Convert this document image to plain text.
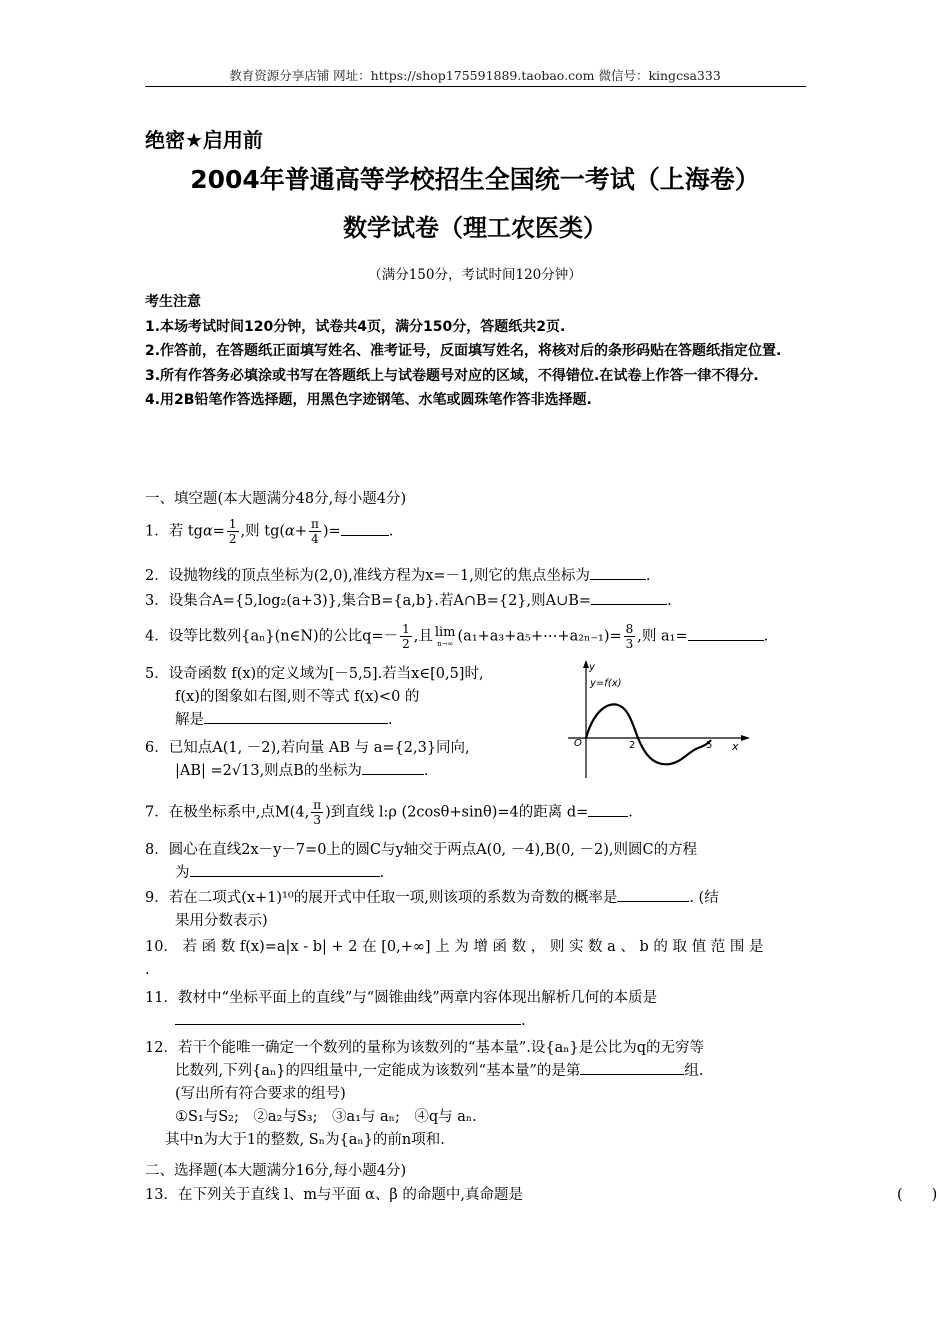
教育资源分享店铺 网址：https://shop175591889.taobao.com 微信号：kingcsa333
绝密★启用前
2004年普通高等学校招生全国统一考试（上海卷）
数学试卷（理工农医类）
（满分150分，考试时间120分钟）
考生注意
1.本场考试时间120分钟，试卷共4页，满分150分，答题纸共2页.
2.作答前，在答题纸正面填写姓名、准考证号，反面填写姓名，将核对后的条形码贴在答题纸指定位置.
3.所有作答务必填涂或书写在答题纸上与试卷题号对应的区域，不得错位.在试卷上作答一律不得分.
4.用2B铅笔作答选择题，用黑色字迹钢笔、水笔或圆珠笔作答非选择题.
一、填空题(本大题满分48分,每小题4分)
1．若 $tg\alpha= \frac{1}{2}$ ,则 $tg(\alpha+ \frac{\pi}{4}$ )=	.
2．设抛物线的顶点坐标为(2,0),准线方程为x=－1,则它的焦点坐标为	.
3．设集合A={5,log₂(a+3)},集合B={a,b}.若A∩B={2},则A∪B=	.
4．设等比数列{aₙ}(n∈N)的公比$q=- \frac{1}{2}$ ,且 lim
n→∞ (a₁+a₃+a₅+⋯+a₂ₙ₋₁)= $\frac{8}{3}$ ,则 a₁=	.
5．设奇函数 f(x)的定义域为[－5,5].若当x∈[0,5]时,
f(x)的图象如右图,则不等式 f(x)<0 的
解是	.
y=f(x)
O	2	5 x
y
6．已知点A(1, －2),若向量 AB 与 a={2,3}同向,
|AB| =2√13,则点B的坐标为	.
7．在极坐标系中,点M(4, $\frac{\pi}{3}$ )到直线 l:ρ (2cosθ+sinθ)=4的距离 d=	.
8．圆心在直线2x－y－7=0上的圆C与y轴交于两点A(0, －4),B(0, －2),则圆C的方程
为	.
9．若在二项式(x+1)¹⁰的展开式中任取一项,则该项的系数为奇数的概率是	. (结
果用分数表示)
10． 若 函 数 f(x)=a|x - b| + 2 在 [0,+∞] 上 为 增 函 数 ， 则 实 数 a 、 b 的 取 值 范 围 是
.
11．教材中“坐标平面上的直线”与“圆锥曲线”两章内容体现出解析几何的本质是
.
12．若干个能唯一确定一个数列的量称为该数列的“基本量”.设{aₙ}是公比为q的无穷等
比数列,下列{aₙ}的四组量中,一定能成为该数列“基本量”的是第	组.
(写出所有符合要求的组号)
①S₁与S₂;　②a₂与S₃;　③a₁与 aₙ;　④q与 aₙ.
其中n为大于1的整数, Sₙ为{aₙ}的前n项和.
二、选择题(本大题满分16分,每小题4分)
13．在下列关于直线 l、m与平面 α、β 的命题中,真命题是	(　　)
